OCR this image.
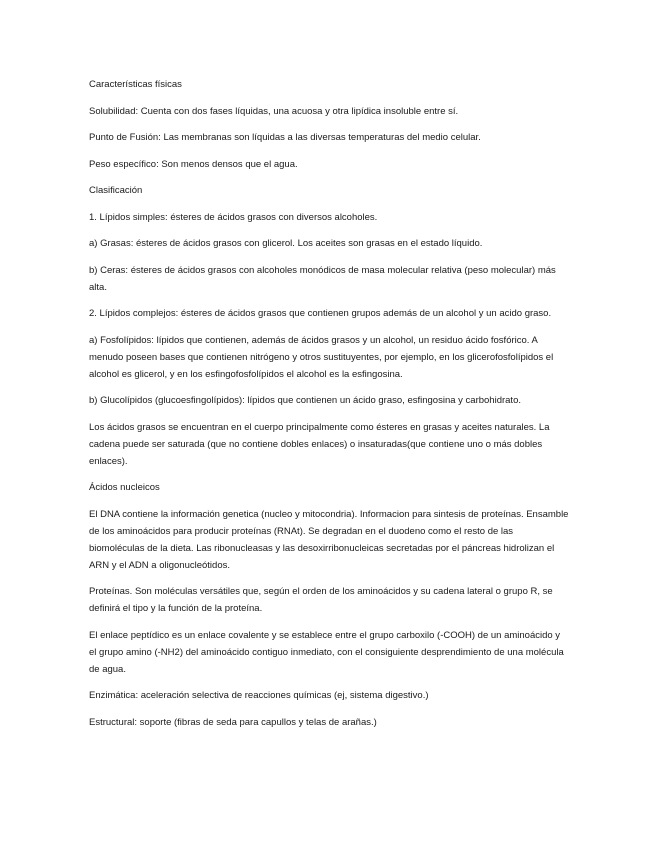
Características físicas

Solubilidad: Cuenta con dos fases líquidas, una acuosa y otra lipídica insoluble entre sí.

Punto de Fusión: Las membranas son líquidas a las diversas temperaturas del medio celular.

Peso específico: Son menos densos que el agua.

Clasificación

1. Lípidos simples: ésteres de ácidos grasos con diversos alcoholes.

a) Grasas: ésteres de ácidos grasos con glicerol. Los aceites son grasas en el estado líquido.

b) Ceras: ésteres de ácidos grasos con alcoholes monódicos de masa molecular relativa (peso molecular) más alta.

2. Lípidos complejos: ésteres de ácidos grasos que contienen grupos además de un alcohol y un acido graso.

a) Fosfolípidos: lípidos que contienen, además de ácidos grasos y un alcohol, un residuo ácido fosfórico. A menudo poseen bases que contienen nitrógeno y otros sustituyentes, por ejemplo, en los glicerofosfolípidos el alcohol es glicerol, y en los esfingofosfolípidos el alcohol es la esfingosina.

b) Glucolípidos (glucoesfingolípidos): lípidos que contienen un ácido graso, esfingosina y carbohidrato.

Los ácidos grasos se encuentran en el cuerpo principalmente como ésteres en grasas y aceites naturales. La cadena puede ser saturada (que no contiene dobles enlaces) o insaturadas(que contiene uno o más dobles enlaces).

Ácidos nucleicos

El DNA contiene la información genetica (nucleo y mitocondria). Informacion para sintesis de proteínas. Ensamble de los aminoácidos para producir proteínas (RNAt). Se degradan en el duodeno como el resto de las biomoléculas de la dieta. Las ribonucleasas y las desoxirribonucleicas secretadas por el páncreas hidrolizan el ARN y el ADN a oligonucleótidos.

Proteínas. Son moléculas versátiles que, según el orden de los aminoácidos y su cadena lateral o grupo R, se definirá el tipo y la función de la proteína.

El enlace peptídico es un enlace covalente y se establece entre el grupo carboxilo (-COOH) de un aminoácido y el grupo amino (-NH2) del aminoácido contiguo inmediato, con el consiguiente desprendimiento de una molécula de agua.

Enzimática: aceleración selectiva de reacciones químicas (ej, sistema digestivo.)

Estructural: soporte (fibras de seda para capullos y telas de arañas.)
